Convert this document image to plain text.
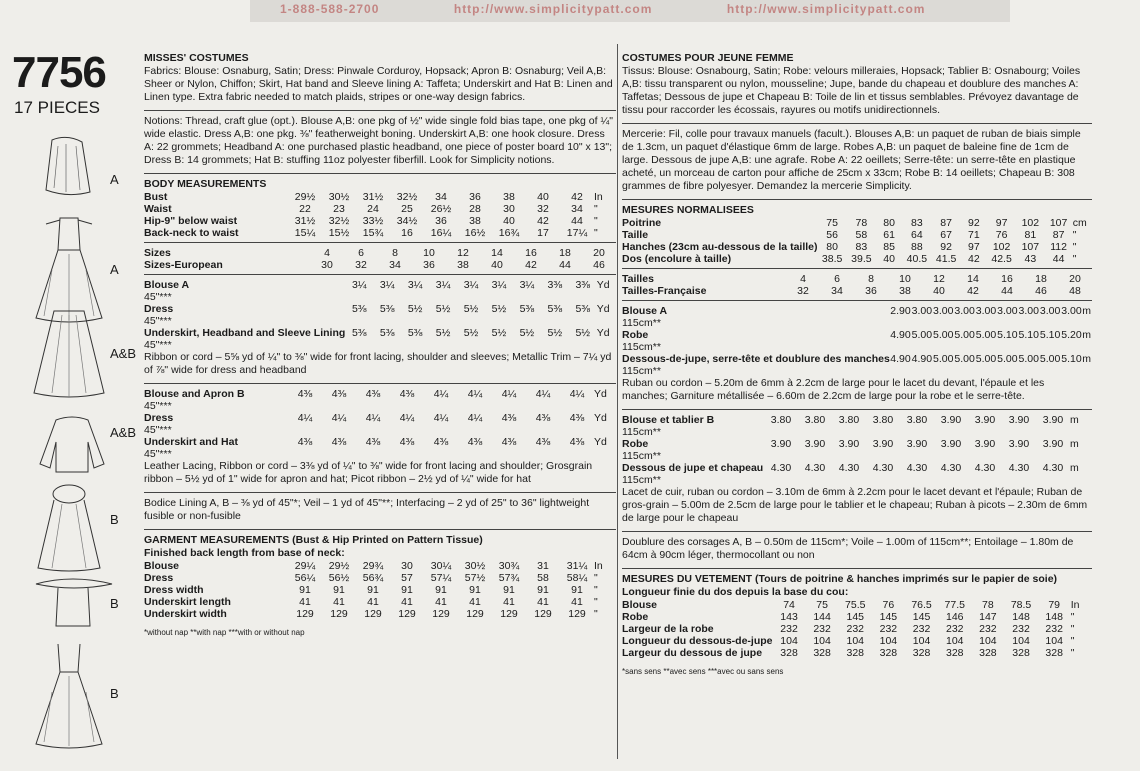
1-888-588-2700	http://www.simplicitypatt.com	http://www.simplicitypatt.com
7756
17 PIECES
A
A
A&B
A&B
B
B
B
MISSES' COSTUMES
Fabrics: Blouse: Osnaburg, Satin; Dress: Pinwale Corduroy, Hopsack; Apron B: Osnaburg; Veil A,B: Sheer or Nylon, Chiffon; Skirt, Hat band and Sleeve lining A: Taffeta; Underskirt and Hat B: Linen and Linen type. Extra fabric needed to match plaids, stripes or one-way design fabrics.
Notions: Thread, craft glue (opt.). Blouse A,B: one pkg of ½" wide single fold bias tape, one pkg of ¼" wide elastic. Dress A,B: one pkg. ⅜" featherweight boning. Underskirt A,B: one hook closure. Dress A: 22 grommets; Headband A: one purchased plastic headband, one piece of poster board 10" x 13"; Dress B: 14 grommets; Hat B: stuffing 11oz polyester fiberfill. Look for Simplicity notions.
BODY MEASUREMENTS
Bust	29½	30½	31½	32½	34	36	38	40	42	In
Waist	22	23	24	25	26½	28	30	32	34	"
Hip-9" below waist	31½	32½	33½	34½	36	38	40	42	44	"
Back-neck to waist	15¼	15½	15¾	16	16¼	16½	16¾	17	17¼	"
Sizes	4	6	8	10	12	14	16	18	20	
Sizes-European	30	32	34	36	38	40	42	44	46	
Blouse A	3¼	3¼	3¼	3¼	3¼	3¼	3¼	3⅜	3⅜	Yd
45"***										
Dress	5⅜	5⅜	5½	5½	5½	5½	5⅜	5⅜	5⅜	Yd
45"***										
Underskirt, Headband and Sleeve Lining	5⅜	5⅜	5⅜	5½	5½	5½	5½	5½	5½	Yd
45"***										
Ribbon or cord – 5⅝ yd of ¼" to ⅜" wide for front lacing, shoulder and sleeves; Metallic Trim – 7¼ yd of ⅞" wide for dress and headband
Blouse and Apron B	4⅜	4⅜	4⅜	4⅜	4¼	4¼	4¼	4¼	4¼	Yd
45"***										
Dress	4¼	4¼	4¼	4¼	4¼	4¼	4⅜	4⅜	4⅜	Yd
45"***										
Underskirt and Hat	4⅜	4⅜	4⅜	4⅜	4⅜	4⅜	4⅜	4⅜	4⅜	Yd
45"***										
Leather Lacing, Ribbon or cord – 3⅜ yd of ¼" to ⅜" wide for front lacing and shoulder; Grosgrain ribbon – 5½ yd of 1" wide for apron and hat; Picot ribbon – 2½ yd of ¼" wide for hat
Bodice Lining A, B – ⅜ yd of 45"*; Veil – 1 yd of 45"**; Interfacing – 2 yd of 25" to 36" lightweight fusible or non-fusible
GARMENT MEASUREMENTS (Bust & Hip Printed on Pattern Tissue)
Finished back length from base of neck:
Blouse	29¼	29½	29¾	30	30¼	30½	30¾	31	31¼	In
Dress	56¼	56½	56¾	57	57¼	57½	57¾	58	58¼	"
Dress width	91	91	91	91	91	91	91	91	91	"
Underskirt length	41	41	41	41	41	41	41	41	41	"
Underskirt width	129	129	129	129	129	129	129	129	129	"
*without nap **with nap ***with or without nap
COSTUMES POUR JEUNE FEMME
Tissus: Blouse: Osnabourg, Satin; Robe: velours milleraies, Hopsack; Tablier B: Osnabourg; Voiles A,B: tissu transparent ou nylon, mousseline; Jupe, bande du chapeau et doublure des manches A: Taffetas; Dessous de jupe et Chapeau B: Toile de lin et tissus semblables. Prévoyez davantage de tissu pour raccorder les écossais, rayures ou motifs unidirectionnels.
Mercerie: Fil, colle pour travaux manuels (facult.). Blouses A,B: un paquet de ruban de biais simple de 1.3cm, un paquet d'élastique 6mm de large. Robes A,B: un paquet de baleine fine de 1cm de large. Dessous de jupe A,B: une agrafe. Robe A: 22 oeillets; Serre-tête: un serre-tête en plastique acheté, un morceau de carton pour affiche de 25cm x 33cm; Robe B: 14 oeillets; Chapeau B: 308 grammes de fibre polyesyer. Demandez la mercerie Simplicity.
MESURES NORMALISEES
Poitrine	75	78	80	83	87	92	97	102	107	cm
Taille	56	58	61	64	67	71	76	81	87	"
Hanches (23cm au-dessous de la taille)	80	83	85	88	92	97	102	107	112	"
Dos (encolure à taille)	38.5	39.5	40	40.5	41.5	42	42.5	43	44	"
Tailles	4	6	8	10	12	14	16	18	20	
Tailles-Française	32	34	36	38	40	42	44	46	48	
Blouse A	2.90	3.00	3.00	3.00	3.00	3.00	3.00	3.00	3.00	m
115cm**										
Robe	4.90	5.00	5.00	5.00	5.00	5.10	5.10	5.10	5.20	m
115cm**										
Dessous-de-jupe, serre-tête et doublure des manches	4.90	4.90	5.00	5.00	5.00	5.00	5.00	5.00	5.10	m
115cm**										
Ruban ou cordon – 5.20m de 6mm à 2.2cm de large pour le lacet du devant, l'épaule et les manches; Garniture métallisée – 6.60m de 2.2cm de large pour la robe et le serre-tête.
Blouse et tablier B	3.80	3.80	3.80	3.80	3.80	3.90	3.90	3.90	3.90	m
115cm**										
Robe	3.90	3.90	3.90	3.90	3.90	3.90	3.90	3.90	3.90	m
115cm**										
Dessous de jupe et chapeau	4.30	4.30	4.30	4.30	4.30	4.30	4.30	4.30	4.30	m
115cm**										
Lacet de cuir, ruban ou cordon – 3.10m de 6mm à 2.2cm pour le lacet devant et l'épaule; Ruban de gros-grain – 5.00m de 2.5cm de large pour le tablier et le chapeau; Ruban à picots – 2.30m de 6mm de large pour le chapeau
Doublure des corsages A, B – 0.50m de 115cm*; Voile – 1.00m of 115cm**; Entoilage – 1.80m de 64cm à 90cm léger, thermocollant ou non
MESURES DU VETEMENT (Tours de poitrine & hanches imprimés sur le papier de soie)
Longueur finie du dos depuis la base du cou:
Blouse	74	75	75.5	76	76.5	77.5	78	78.5	79	In
Robe	143	144	145	145	145	146	147	148	148	"
Largeur de la robe	232	232	232	232	232	232	232	232	232	"
Longueur du dessous-de-jupe	104	104	104	104	104	104	104	104	104	"
Largeur du dessous de jupe	328	328	328	328	328	328	328	328	328	"
*sans sens **avec sens ***avec ou sans sens
